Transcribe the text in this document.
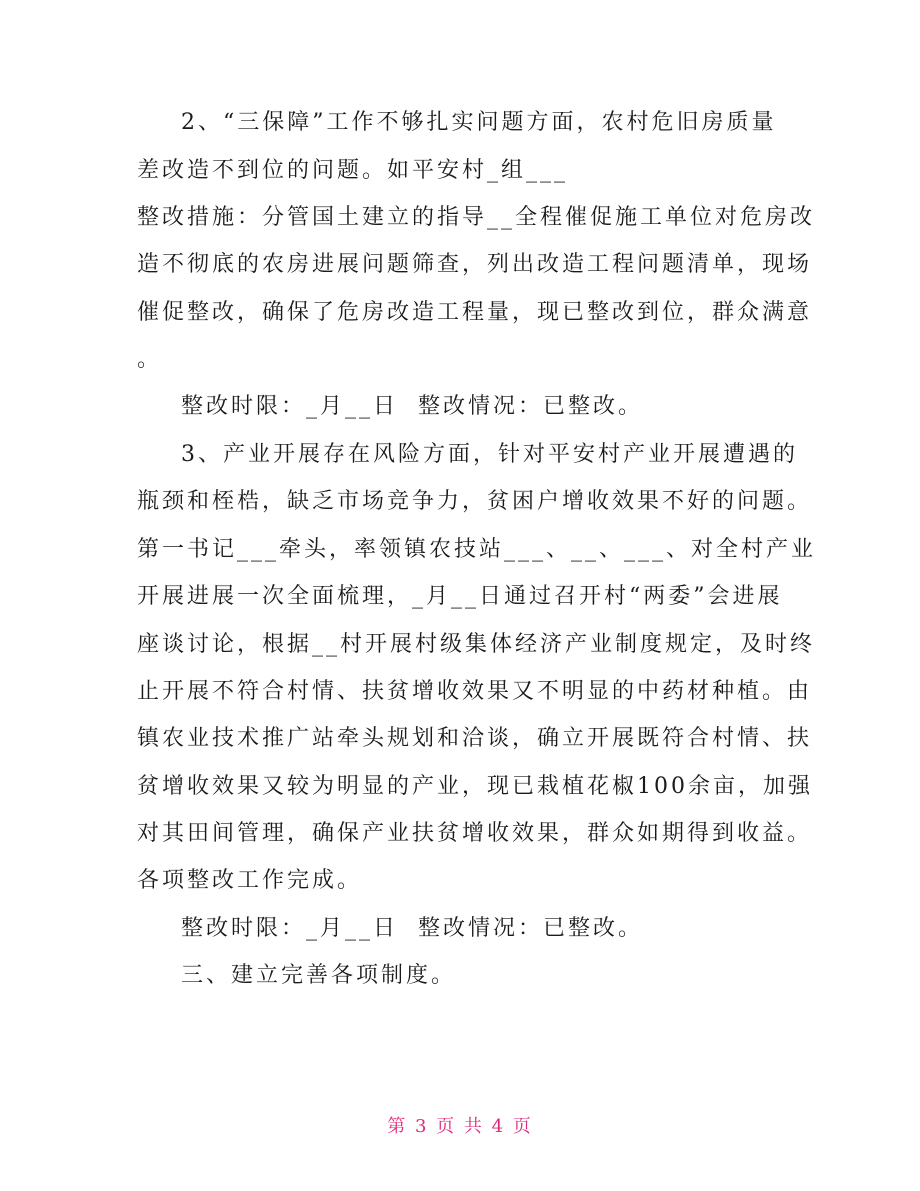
2、“三保障”工作不够扎实问题方面，农村危旧房质量
差改造不到位的问题。如平安村_组___
整改措施：分管国土建立的指导__全程催促施工单位对危房改
造不彻底的农房进展问题筛查，列出改造工程问题清单，现场
催促整改，确保了危房改造工程量，现已整改到位，群众满意
。
整改时限：_月__日  整改情况：已整改。
3、产业开展存在风险方面，针对平安村产业开展遭遇的
瓶颈和桎梏，缺乏市场竞争力，贫困户增收效果不好的问题。
第一书记___牵头，率领镇农技站___、__、___、对全村产业
开展进展一次全面梳理，_月__日通过召开村“两委”会进展
座谈讨论，根据__村开展村级集体经济产业制度规定，及时终
止开展不符合村情、扶贫增收效果又不明显的中药材种植。由
镇农业技术推广站牵头规划和洽谈，确立开展既符合村情、扶
贫增收效果又较为明显的产业，现已栽植花椒100余亩，加强
对其田间管理，确保产业扶贫增收效果，群众如期得到收益。
各项整改工作完成。
整改时限：_月__日  整改情况：已整改。
三、建立完善各项制度。
第 3 页 共 4 页
